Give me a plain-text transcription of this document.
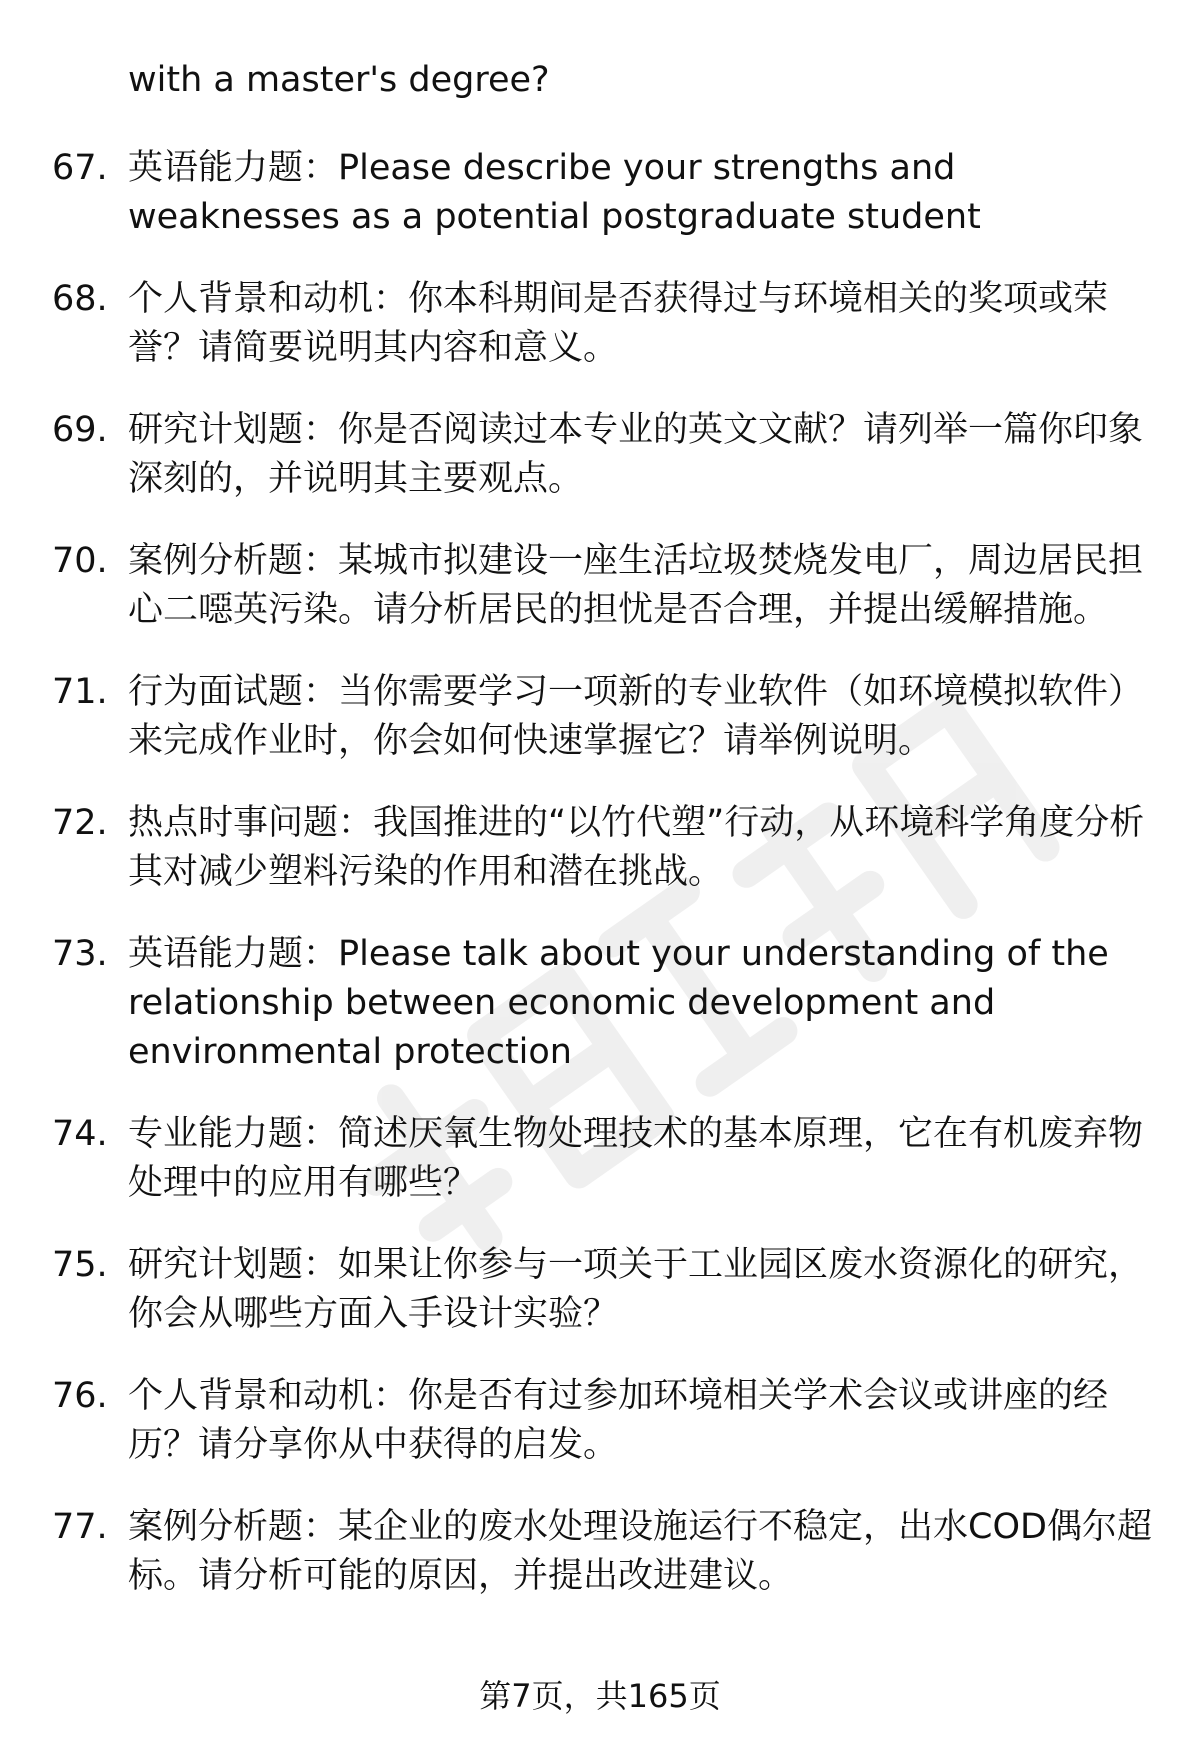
with a master's degree?
67. 英语能力题：Please describe your strengths and weaknesses as a potential postgraduate student
68. 个人背景和动机：你本科期间是否获得过与环境相关的奖项或荣誉？请简要说明其内容和意义。
69. 研究计划题：你是否阅读过本专业的英文文献？请列举一篇你印象深刻的，并说明其主要观点。
70. 案例分析题：某城市拟建设一座生活垃圾焚烧发电厂，周边居民担心二噁英污染。请分析居民的担忧是否合理，并提出缓解措施。
71. 行为面试题：当你需要学习一项新的专业软件（如环境模拟软件）来完成作业时，你会如何快速掌握它？请举例说明。
72. 热点时事问题：我国推进的“以竹代塑”行动，从环境科学角度分析其对减少塑料污染的作用和潜在挑战。
73. 英语能力题：Please talk about your understanding of the relationship between economic development and environmental protection
74. 专业能力题：简述厌氧生物处理技术的基本原理，它在有机废弃物处理中的应用有哪些？
75. 研究计划题：如果让你参与一项关于工业园区废水资源化的研究，你会从哪些方面入手设计实验？
76. 个人背景和动机：你是否有过参加环境相关学术会议或讲座的经历？请分享你从中获得的启发。
77. 案例分析题：某企业的废水处理设施运行不稳定，出水COD偶尔超标。请分析可能的原因，并提出改进建议。
第7页，共165页
